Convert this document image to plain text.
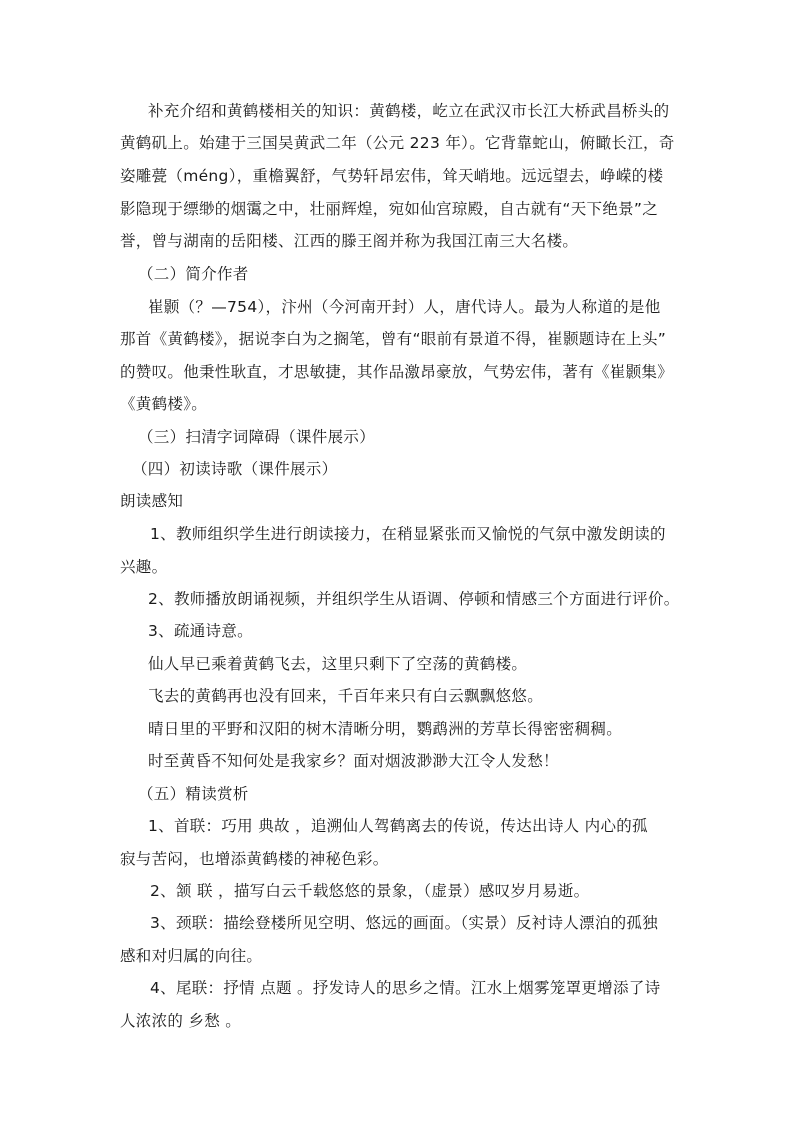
补充介绍和黄鹤楼相关的知识：黄鹤楼，屹立在武汉市长江大桥武昌桥头的
黄鹤矶上。始建于三国吴黄武二年（公元 223 年）。它背靠蛇山，俯瞰长江，奇
姿雕甍（méng），重檐翼舒，气势轩昂宏伟，耸天峭地。远远望去，峥嵘的楼
影隐现于缥缈的烟霭之中，壮丽辉煌，宛如仙宫琼殿，自古就有“天下绝景”之
誉，曾与湖南的岳阳楼、江西的滕王阁并称为我国江南三大名楼。
（二）简介作者
崔颢（？—754），汴州（今河南开封）人，唐代诗人。最为人称道的是他
那首《黄鹤楼》，据说李白为之搁笔，曾有“眼前有景道不得，崔颢题诗在上头”
的赞叹。他秉性耿直，才思敏捷，其作品激昂豪放，气势宏伟，著有《崔颢集》
《黄鹤楼》。
（三）扫清字词障碍（课件展示）
（四）初读诗歌（课件展示）
朗读感知
1、教师组织学生进行朗读接力，在稍显紧张而又愉悦的气氛中激发朗读的
兴趣。
2、教师播放朗诵视频，并组织学生从语调、停顿和情感三个方面进行评价。
3、疏通诗意。
仙人早已乘着黄鹤飞去，这里只剩下了空荡的黄鹤楼。
飞去的黄鹤再也没有回来，千百年来只有白云飘飘悠悠。
晴日里的平野和汉阳的树木清晰分明，鹦鹉洲的芳草长得密密稠稠。
时至黄昏不知何处是我家乡？面对烟波渺渺大江令人发愁！
（五）精读赏析
1、首联：巧用 典故 ，追溯仙人驾鹤离去的传说，传达出诗人 内心的孤
寂与苦闷，也增添黄鹤楼的神秘色彩。
2、颔 联 ，描写白云千载悠悠的景象，（虚景）感叹岁月易逝。
3、颈联：描绘登楼所见空明、悠远的画面。（实景）反衬诗人漂泊的孤独
感和对归属的向往。
4、尾联：抒情 点题 。抒发诗人的思乡之情。江水上烟雾笼罩更增添了诗
人浓浓的 乡愁 。
